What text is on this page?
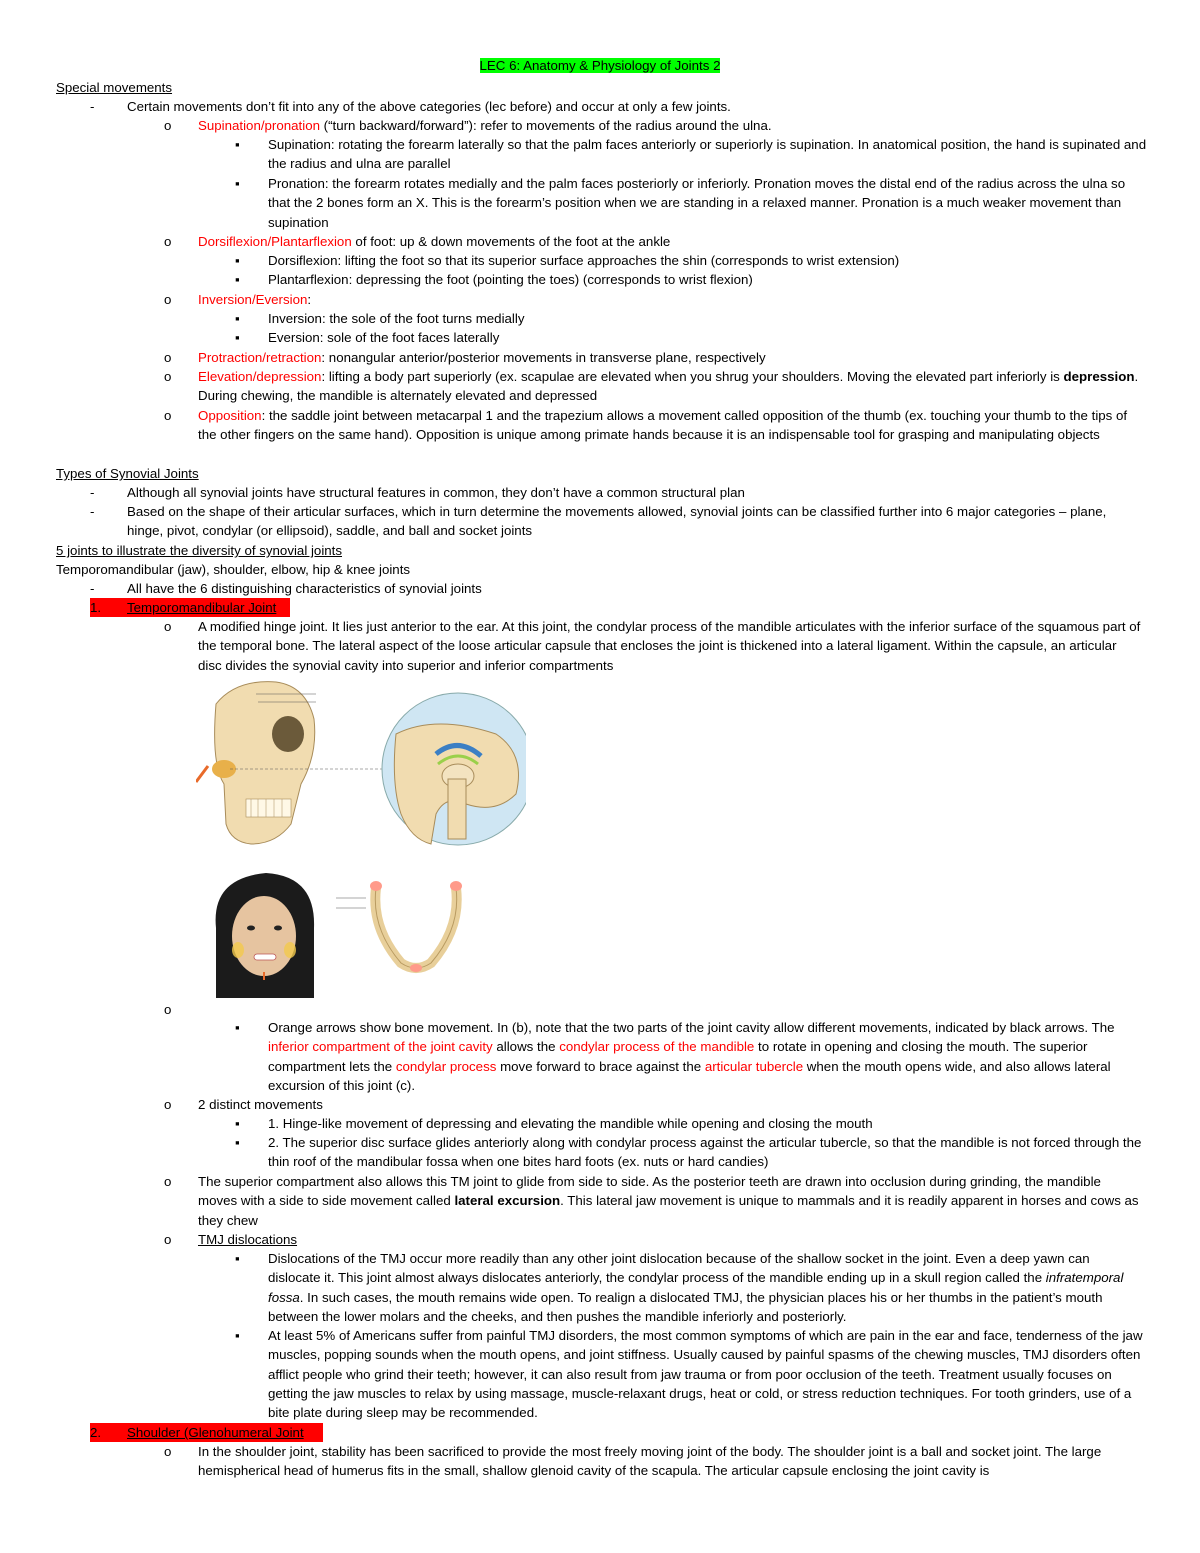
LEC 6: Anatomy & Physiology of Joints 2
Special movements
- Certain movements don’t fit into any of the above categories (lec before) and occur at only a few joints.
o Supination/pronation (“turn backward/forward”): refer to movements of the radius around the ulna.
▪ Supination: rotating the forearm laterally so that the palm faces anteriorly or superiorly is supination. In anatomical position, the hand is supinated and the radius and ulna are parallel
▪ Pronation: the forearm rotates medially and the palm faces posteriorly or inferiorly. Pronation moves the distal end of the radius across the ulna so that the 2 bones form an X. This is the forearm’s position when we are standing in a relaxed manner. Pronation is a much weaker movement than supination
o Dorsiflexion/Plantarflexion of foot: up & down movements of the foot at the ankle
▪ Dorsiflexion: lifting the foot so that its superior surface approaches the shin (corresponds to wrist extension)
▪ Plantarflexion: depressing the foot (pointing the toes) (corresponds to wrist flexion)
o Inversion/Eversion:
▪ Inversion: the sole of the foot turns medially
▪ Eversion: sole of the foot faces laterally
o Protraction/retraction: nonangular anterior/posterior movements in transverse plane, respectively
o Elevation/depression: lifting a body part superiorly (ex. scapulae are elevated when you shrug your shoulders. Moving the elevated part inferiorly is depression. During chewing, the mandible is alternately elevated and depressed
o Opposition: the saddle joint between metacarpal 1 and the trapezium allows a movement called opposition of the thumb (ex. touching your thumb to the tips of the other fingers on the same hand). Opposition is unique among primate hands because it is an indispensable tool for grasping and manipulating objects
Types of Synovial Joints
- Although all synovial joints have structural features in common, they don’t have a common structural plan
- Based on the shape of their articular surfaces, which in turn determine the movements allowed, synovial joints can be classified further into 6 major categories – plane, hinge, pivot, condylar (or ellipsoid), saddle, and ball and socket joints
5 joints to illustrate the diversity of synovial joints
Temporomandibular (jaw), shoulder, elbow, hip & knee joints
- All have the 6 distinguishing characteristics of synovial joints
1. Temporomandibular Joint
o A modified hinge joint. It lies just anterior to the ear. At this joint, the condylar process of the mandible articulates with the inferior surface of the squamous part of the temporal bone. The lateral aspect of the loose articular capsule that encloses the joint is thickened into a lateral ligament. Within the capsule, an articular disc divides the synovial cavity into superior and inferior compartments
o
▪ Orange arrows show bone movement. In (b), note that the two parts of the joint cavity allow different movements, indicated by black arrows. The inferior compartment of the joint cavity allows the condylar process of the mandible to rotate in opening and closing the mouth. The superior compartment lets the condylar process move forward to brace against the articular tubercle when the mouth opens wide, and also allows lateral excursion of this joint (c).
o 2 distinct movements
▪ 1. Hinge-like movement of depressing and elevating the mandible while opening and closing the mouth
▪ 2. The superior disc surface glides anteriorly along with condylar process against the articular tubercle, so that the mandible is not forced through the thin roof of the mandibular fossa when one bites hard foots (ex. nuts or hard candies)
o The superior compartment also allows this TM joint to glide from side to side. As the posterior teeth are drawn into occlusion during grinding, the mandible moves with a side to side movement called lateral excursion. This lateral jaw movement is unique to mammals and it is readily apparent in horses and cows as they chew
o TMJ dislocations
▪ Dislocations of the TMJ occur more readily than any other joint dislocation because of the shallow socket in the joint. Even a deep yawn can dislocate it. This joint almost always dislocates anteriorly, the condylar process of the mandible ending up in a skull region called the infratemporal fossa. In such cases, the mouth remains wide open. To realign a dislocated TMJ, the physician places his or her thumbs in the patient’s mouth between the lower molars and the cheeks, and then pushes the mandible inferiorly and posteriorly.
▪ At least 5% of Americans suffer from painful TMJ disorders, the most common symptoms of which are pain in the ear and face, tenderness of the jaw muscles, popping sounds when the mouth opens, and joint stiffness. Usually caused by painful spasms of the chewing muscles, TMJ disorders often afflict people who grind their teeth; however, it can also result from jaw trauma or from poor occlusion of the teeth. Treatment usually focuses on getting the jaw muscles to relax by using massage, muscle-relaxant drugs, heat or cold, or stress reduction techniques. For tooth grinders, use of a bite plate during sleep may be recommended.
2. Shoulder (Glenohumeral Joint
o In the shoulder joint, stability has been sacrificed to provide the most freely moving joint of the body. The shoulder joint is a ball and socket joint. The large hemispherical head of humerus fits in the small, shallow glenoid cavity of the scapula. The articular capsule enclosing the joint cavity is
